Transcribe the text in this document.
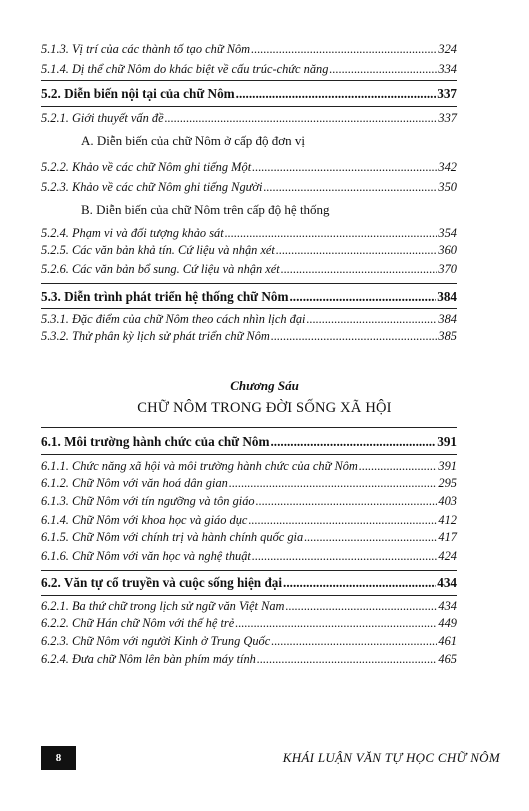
5.1.3. Vị trí của các thành tố tạo chữ Nôm .....	324
5.1.4. Dị thể chữ Nôm do khác biệt về cấu trúc-chức năng .....	334
5.2. Diễn biến nội tại của chữ Nôm .....	337
5.2.1. Giới thuyết vấn đề .....	337
A. Diễn biến của chữ Nôm ở cấp độ đơn vị
5.2.2. Khảo về các chữ Nôm ghi tiếng Một .....	342
5.2.3. Khảo về các chữ Nôm ghi tiếng Người .....	350
B. Diễn biến của chữ Nôm trên cấp độ hệ thống
5.2.4. Phạm vi và đối tượng khảo sát .....	354
5.2.5. Các văn bản khả tín. Cứ liệu và nhận xét .....	360
5.2.6. Các văn bản bổ sung. Cứ liệu và nhận xét .....	370
5.3. Diễn trình phát triển hệ thống chữ Nôm .....	384
5.3.1. Đặc điểm của chữ Nôm theo cách nhìn lịch đại .....	384
5.3.2. Thử phân kỳ lịch sử phát triển chữ Nôm .....	385
Chương Sáu
CHỮ NÔM TRONG ĐỜI SỐNG XÃ HỘI
6.1. Môi trường hành chức của chữ Nôm .....	391
6.1.1. Chức năng xã hội và môi trường hành chức của chữ Nôm .....	391
6.1.2. Chữ Nôm với văn hoá dân gian .....	295
6.1.3. Chữ Nôm với tín ngưỡng và tôn giáo .....	403
6.1.4. Chữ Nôm với khoa học và giáo dục .....	412
6.1.5. Chữ Nôm với chính trị và hành chính quốc gia .....	417
6.1.6. Chữ Nôm với văn học và nghệ thuật .....	424
6.2. Văn tự cổ truyền và cuộc sống hiện đại .....	434
6.2.1. Ba thứ chữ trong lịch sử ngữ văn Việt Nam .....	434
6.2.2. Chữ Hán chữ Nôm với thế hệ trẻ .....	449
6.2.3. Chữ Nôm với người Kinh ở Trung Quốc .....	461
6.2.4. Đưa chữ Nôm lên bàn phím máy tính .....	465
8	KHÁI LUẬN VĂN TỰ HỌC CHỮ NÔM
